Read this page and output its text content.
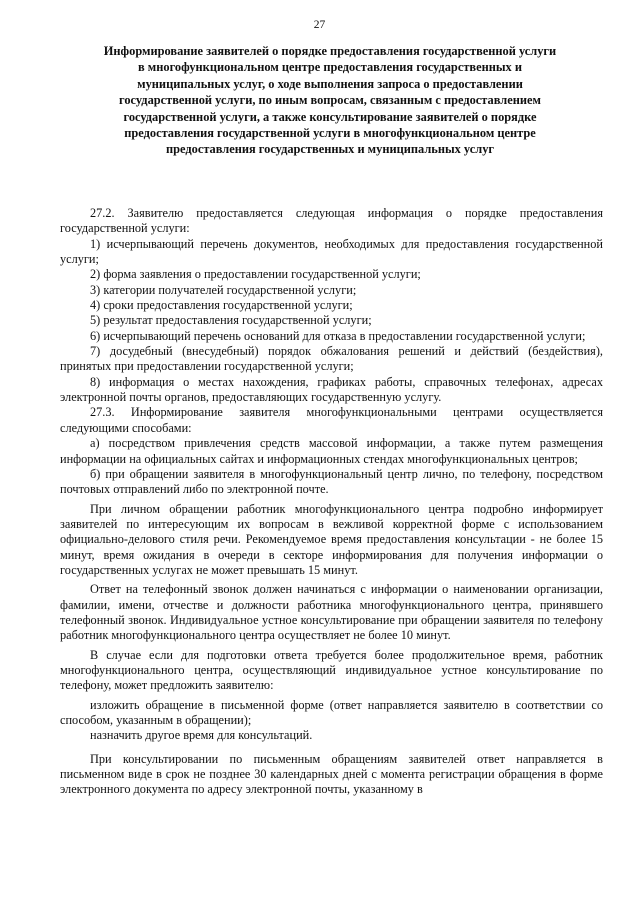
27
Информирование заявителей о порядке предоставления государственной услуги в многофункциональном центре предоставления государственных и муниципальных услуг, о ходе выполнения запроса о предоставлении государственной услуги, по иным вопросам, связанным с предоставлением государственной услуги, а также консультирование заявителей о порядке предоставления государственной услуги в многофункциональном центре предоставления государственных и муниципальных услуг

27.2. Заявителю предоставляется следующая информация о порядке предоставления государственной услуги:

1) исчерпывающий перечень документов, необходимых для предоставления государственной услуги;

2) форма заявления о предоставлении государственной услуги;

3) категории получателей государственной услуги;

4) сроки предоставления государственной услуги;

5) результат предоставления государственной услуги;

6) исчерпывающий перечень оснований для отказа в предоставлении государственной услуги;

7) досудебный (внесудебный) порядок обжалования решений и действий (бездействия), принятых при предоставлении государственной услуги;

8) информация о местах нахождения, графиках работы, справочных телефонах, адресах электронной почты органов, предоставляющих государственную услугу.

27.3. Информирование заявителя многофункциональными центрами осуществляется следующими способами:

а) посредством привлечения средств массовой информации, а также путем размещения информации на официальных сайтах и информационных стендах многофункциональных центров;

б) при обращении заявителя в многофункциональный центр лично, по телефону, посредством почтовых отправлений либо по электронной почте.

При личном обращении работник многофункционального центра подробно информирует заявителей по интересующим их вопросам в вежливой корректной форме с использованием официально-делового стиля речи. Рекомендуемое время предоставления консультации - не более 15 минут, время ожидания в очереди в секторе информирования для получения информации о государственных услугах не может превышать 15 минут.

Ответ на телефонный звонок должен начинаться с информации о наименовании организации, фамилии, имени, отчестве и должности работника многофункционального центра, принявшего телефонный звонок. Индивидуальное устное консультирование при обращении заявителя по телефону работник многофункционального центра осуществляет не более 10 минут.

В случае если для подготовки ответа требуется более продолжительное время, работник многофункционального центра, осуществляющий индивидуальное устное консультирование по телефону, может предложить заявителю:

изложить обращение в письменной форме (ответ направляется заявителю в соответствии со способом, указанным в обращении);

назначить другое время для консультаций.

При консультировании по письменным обращениям заявителей ответ направляется в письменном виде в срок не позднее 30 календарных дней с момента регистрации обращения в форме электронного документа по адресу электронной почты, указанному в
